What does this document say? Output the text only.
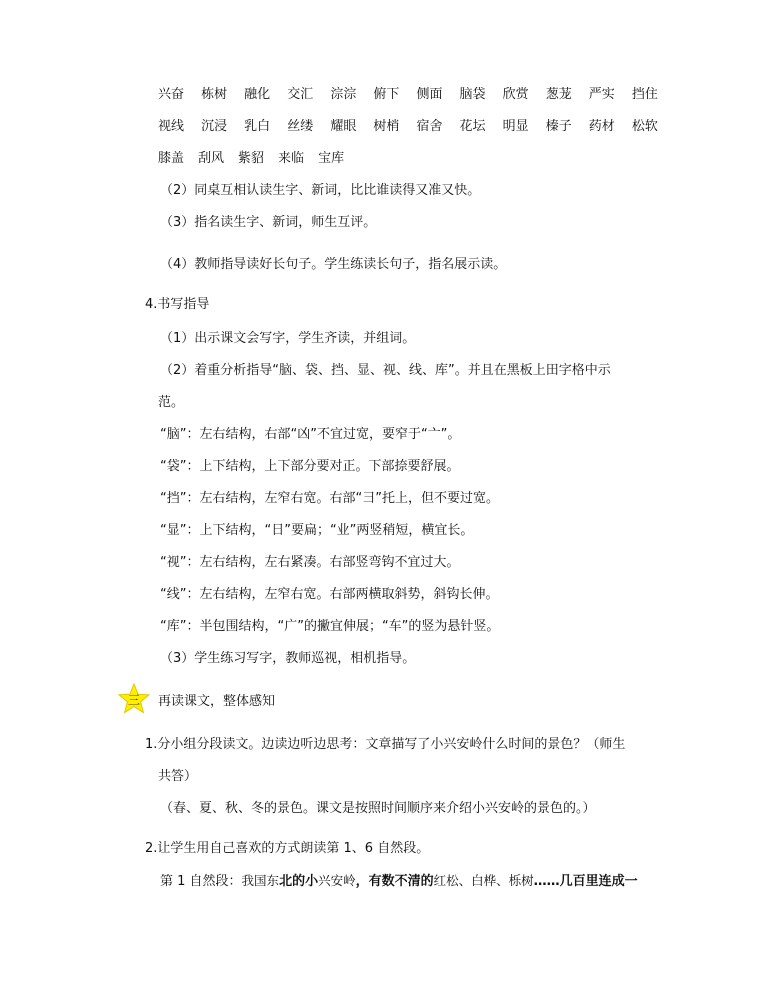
兴奋 栋树 融化 交汇 淙淙 俯下 侧面 脑袋 欣赏 葱茏 严实 挡住
视线 沉浸 乳白 丝缕 耀眼 树梢 宿舍 花坛 明显 榛子 药材 松软
膝盖 刮风 紫貂 来临 宝库
（2）同桌互相认读生字、新词，比比谁读得又准又快。
（3）指名读生字、新词，师生互评。
（4）教师指导读好长句子。学生练读长句子，指名展示读。
4.书写指导
（1）出示课文会写字，学生齐读，并组词。
（2）着重分析指导“脑、袋、挡、显、视、线、库”。并且在黑板上田字格中示
范。
“脑”：左右结构，右部“凶”不宜过宽，要窄于“亠”。
“袋”：上下结构，上下部分要对正。下部捺要舒展。
“挡”：左右结构，左窄右宽。右部“彐”托上，但不要过宽。
“显”：上下结构，“日”要扁；“业”两竖稍短，横宜长。
“视”：左右结构，左右紧凑。右部竖弯钩不宜过大。
“线”：左右结构，左窄右宽。右部两横取斜势，斜钩长伸。
“库”：半包围结构，“广”的撇宜伸展；“车”的竖为悬针竖。
（3）学生练习写字，教师巡视，相机指导。
三	再读课文，整体感知
1.分小组分段读文。边读边听边思考：文章描写了小兴安岭什么时间的景色？（师生
共答）
（春、夏、秋、冬的景色。课文是按照时间顺序来介绍小兴安岭的景色的。）
2.让学生用自己喜欢的方式朗读第 1、6 自然段。
第 1 自然段：我国东北的小兴安岭，有数不清的红松、白桦、栎树……几百里连成一
